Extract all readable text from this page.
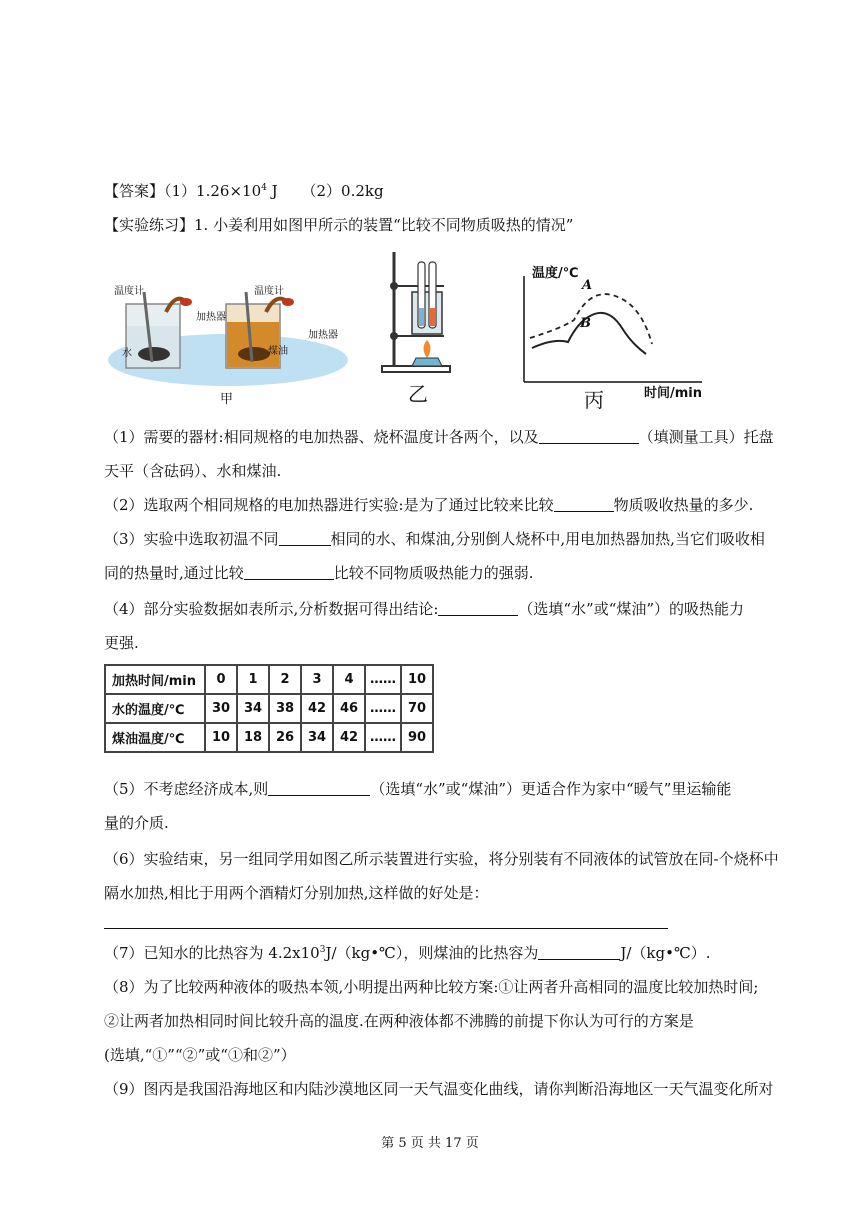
【答案】$(1)1.26\times 10^4$ J （2）0.2kg
【实验练习】1. 小姜利用如图甲所示的装置“比较不同物质吸热的情况”
温度计
加热器
水
温度计
加热器
煤油
甲	乙
温度/℃
时间/min
A
B
丙
（1）需要的器材:相同规格的电加热器、烧杯温度计各两个，以及	（填测量工具）托盘
天平（含砝码）、水和煤油.
（2）选取两个相同规格的电加热器进行实验:是为了通过比较来比较	物质吸收热量的多少.
（3）实验中选取初温不同	相同的水、和煤油,分别倒人烧杯中,用电加热器加热,当它们吸收相
同的热量时,通过比较	比较不同物质吸热能力的强弱.
（4）部分实验数据如表所示,分析数据可得出结论:	（选填“水”或“煤油”）的吸热能力
更强.
加热时间/min	0	1	2	3	4	……	10
水的温度/℃	30	34	38	42	46	……	70
煤油温度/℃	10	18	26	34	42	……	90
（5）不考虑经济成本,则	（选填“水”或“煤油”）更适合作为家中“暖气”里运输能
量的介质.
（6）实验结束，另一组同学用如图乙所示装置进行实验，将分别装有不同液体的试管放在同-个烧杯中
隔水加热,相比于用两个酒精灯分别加热,这样做的好处是：
（7）已知水的比热容为 $4.2x10^3J/(kg•℃)$，则煤油的比热容为	J/（kg•℃）.
（8）为了比较两种液体的吸热本领,小明提出两种比较方案:①让两者升高相同的温度比较加热时间;
②让两者加热相同时间比较升高的温度.在两种液体都不沸腾的前提下你认为可行的方案是
(选填,“①”“②”或“①和②”）
（9）图丙是我国沿海地区和内陆沙漠地区同一天气温变化曲线，请你判断沿海地区一天气温变化所对
第 5 页 共 17 页
